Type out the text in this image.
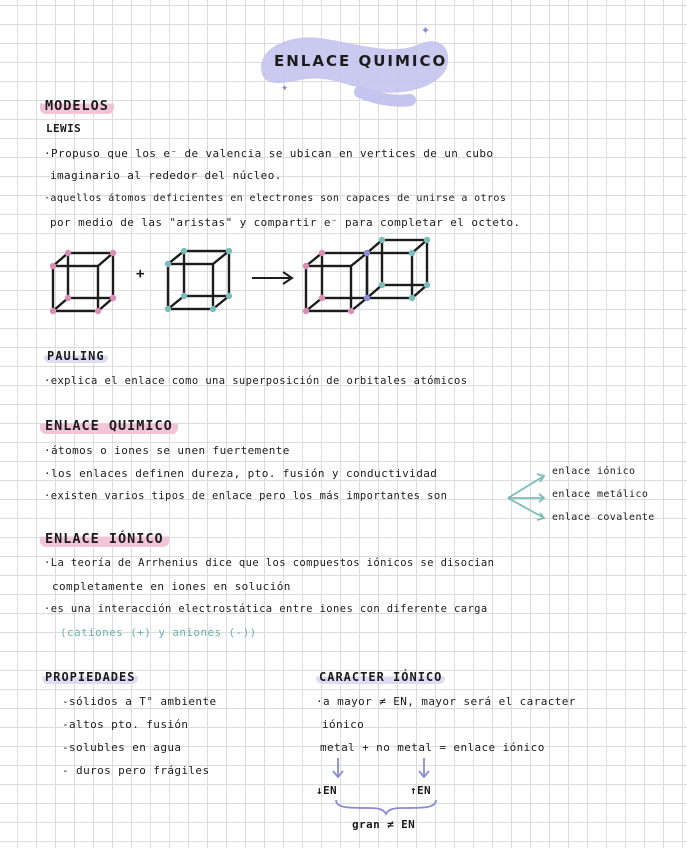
✦
✦
ENLACE QUIMICO
MODELOS
LEWIS
·Propuso que los e⁻ de valencia se ubican en vertices de un cubo
imaginario al rededor del núcleo.
·aquellos átomos deficientes en electrones son capaces de unirse a otros
por medio de las "aristas" y compartir e⁻ para completar el octeto.
+
PAULING
·explica el enlace como una superposición de orbitales atómicos
ENLACE QUIMICO
·átomos o iones se unen fuertemente
·los enlaces definen dureza, pto. fusión y conductividad
·existen varios tipos de enlace pero los más importantes son
enlace iónico
enlace metálico
enlace covalente
ENLACE IÓNICO
·La teoría de Arrhenius dice que los compuestos iónicos se disocian
completamente en iones en solución
·es una interacción electrostática entre iones con diferente carga
(cationes (+) y aniones (-))
PROPIEDADES
-sólidos a T° ambiente
-altos pto. fusión
-solubles en agua
- duros pero frágiles
CARACTER IÓNICO
·a mayor ≠ EN, mayor será el caracter
iónico
metal + no metal = enlace iónico
↓EN	↑EN
gran ≠ EN
